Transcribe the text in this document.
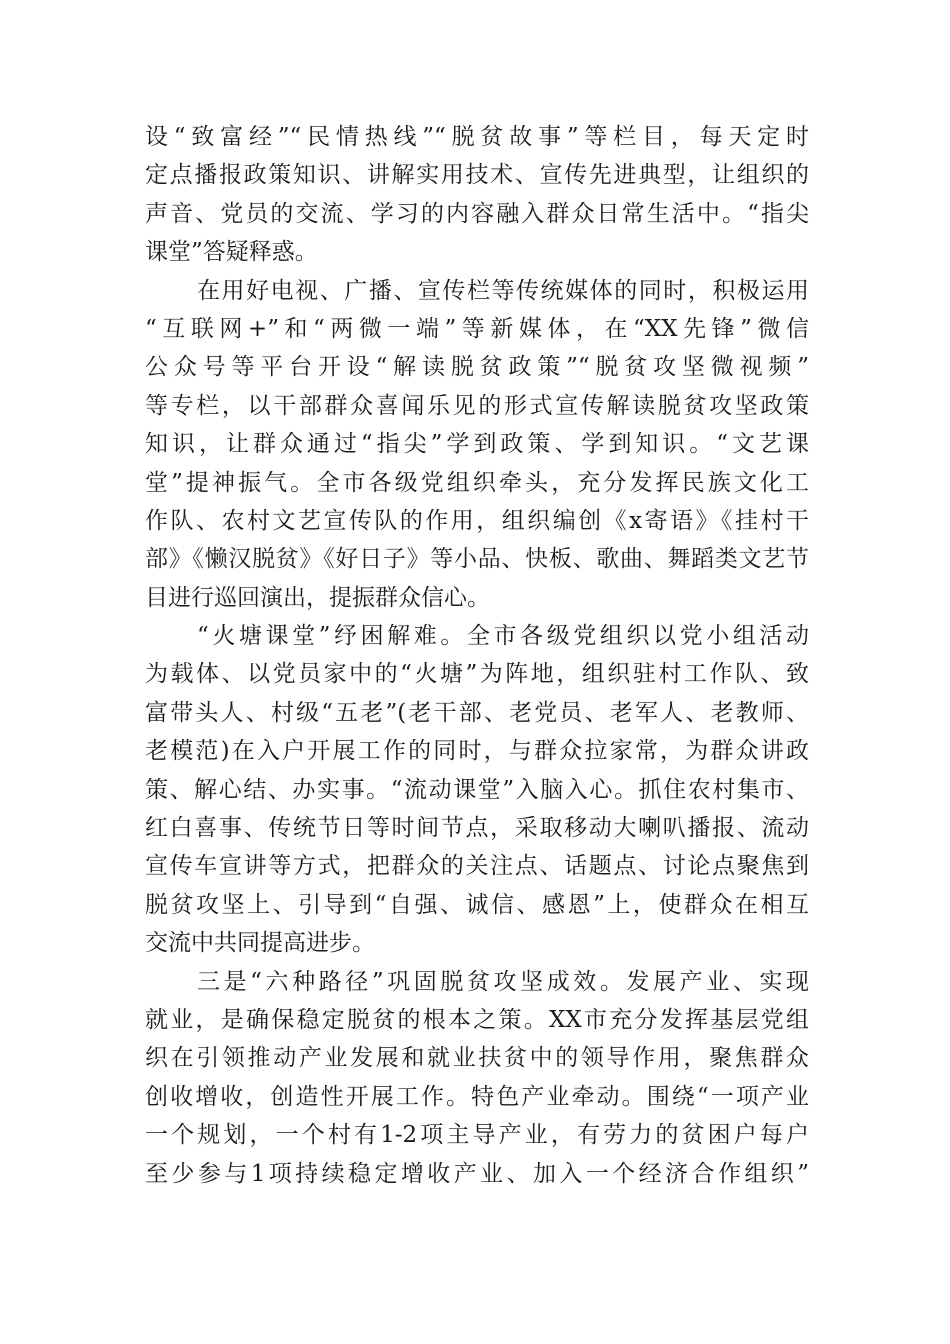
设“致富经”“民情热线”“脱贫故事”等栏目，每天定时
定点播报政策知识、讲解实用技术、宣传先进典型，让组织的
声音、党员的交流、学习的内容融入群众日常生活中。“指尖
课堂”答疑释惑。
在用好电视、广播、宣传栏等传统媒体的同时，积极运用
“互联网+”和“两微一端”等新媒体，在“XX先锋”微信
公众号等平台开设“解读脱贫政策”“脱贫攻坚微视频”
等专栏，以干部群众喜闻乐见的形式宣传解读脱贫攻坚政策
知识，让群众通过“指尖”学到政策、学到知识。“文艺课
堂”提神振气。全市各级党组织牵头，充分发挥民族文化工
作队、农村文艺宣传队的作用，组织编创《x寄语》《挂村干
部》《懒汉脱贫》《好日子》等小品、快板、歌曲、舞蹈类文艺节
目进行巡回演出，提振群众信心。
“火塘课堂”纾困解难。全市各级党组织以党小组活动
为载体、以党员家中的“火塘”为阵地，组织驻村工作队、致
富带头人、村级“五老”(老干部、老党员、老军人、老教师、
老模范)在入户开展工作的同时，与群众拉家常，为群众讲政
策、解心结、办实事。“流动课堂”入脑入心。抓住农村集市、
红白喜事、传统节日等时间节点，采取移动大喇叭播报、流动
宣传车宣讲等方式，把群众的关注点、话题点、讨论点聚焦到
脱贫攻坚上、引导到“自强、诚信、感恩”上，使群众在相互
交流中共同提高进步。
三是“六种路径”巩固脱贫攻坚成效。发展产业、实现
就业，是确保稳定脱贫的根本之策。XX市充分发挥基层党组
织在引领推动产业发展和就业扶贫中的领导作用，聚焦群众
创收增收，创造性开展工作。特色产业牵动。围绕“一项产业
一个规划，一个村有1-2项主导产业，有劳力的贫困户每户
至少参与1项持续稳定增收产业、加入一个经济合作组织”
